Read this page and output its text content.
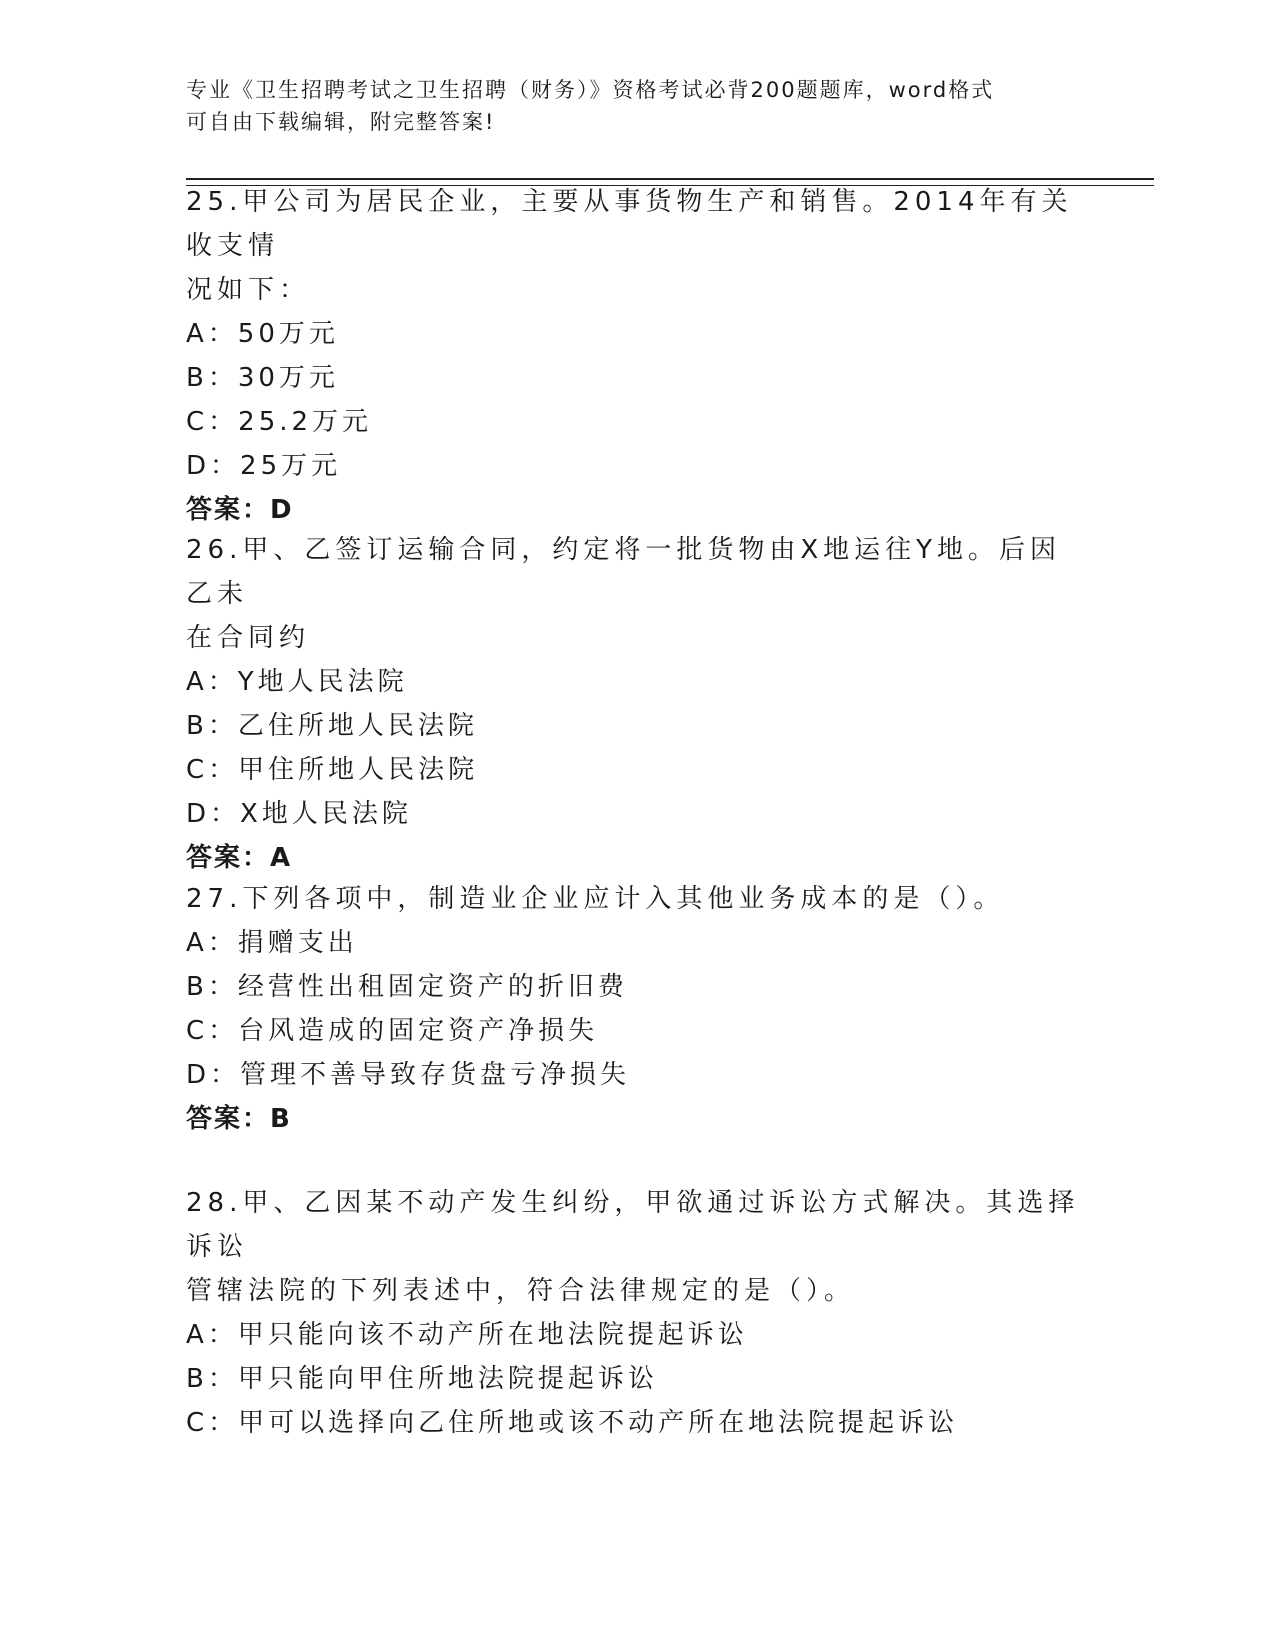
专业《卫生招聘考试之卫生招聘（财务）》资格考试必背200题题库，word格式
可自由下载编辑，附完整答案!

25.甲公司为居民企业，主要从事货物生产和销售。2014年有关收支情

况如下：

A：50万元

B：30万元

C：25.2万元

D：25万元

答案：D

26.甲、乙签订运输合同，约定将一批货物由X地运往Y地。后因乙未

在合同约

A：Y地人民法院

B：乙住所地人民法院

C：甲住所地人民法院

D：X地人民法院

答案：A

27.下列各项中，制造业企业应计入其他业务成本的是（）。

A：捐赠支出

B：经营性出租固定资产的折旧费

C：台风造成的固定资产净损失

D：管理不善导致存货盘亏净损失

答案：B

28.甲、乙因某不动产发生纠纷，甲欲通过诉讼方式解决。其选择诉讼

管辖法院的下列表述中，符合法律规定的是（）。

A：甲只能向该不动产所在地法院提起诉讼

B：甲只能向甲住所地法院提起诉讼

C：甲可以选择向乙住所地或该不动产所在地法院提起诉讼
